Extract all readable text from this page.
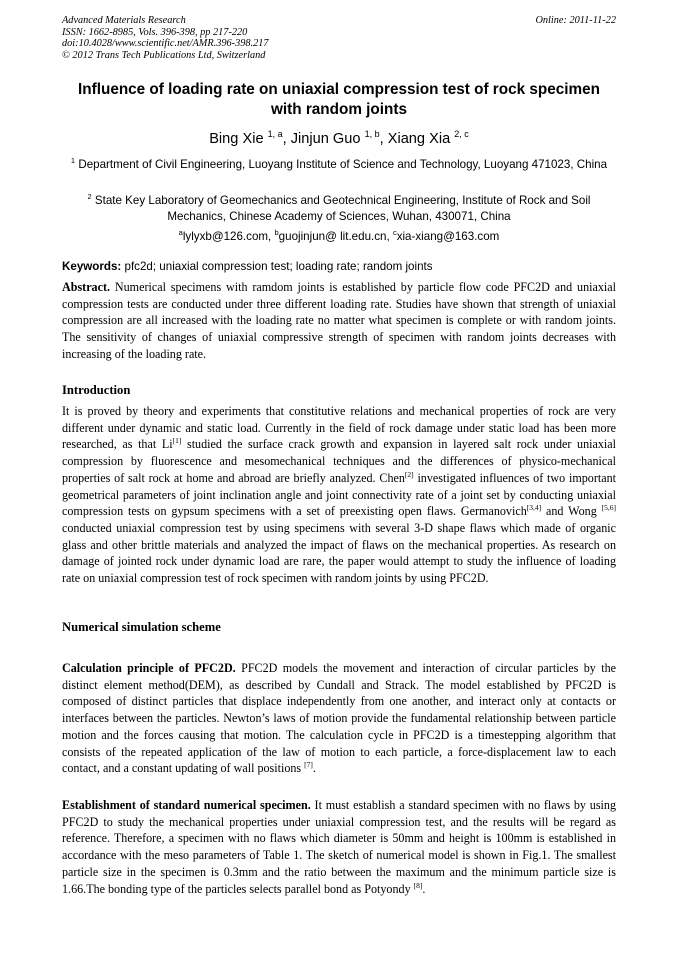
Advanced Materials Research
ISSN: 1662-8985, Vols. 396-398, pp 217-220
doi:10.4028/www.scientific.net/AMR.396-398.217
© 2012 Trans Tech Publications Ltd, Switzerland
Online: 2011-11-22
Influence of loading rate on uniaxial compression test of rock specimen with random joints
Bing Xie $^{1, a}$, Jinjun Guo $^{1, b}$, Xiang Xia $^{2, c}$
$^1$ Department of Civil Engineering, Luoyang Institute of Science and Technology, Luoyang 471023, China
$^2$ State Key Laboratory of Geomechanics and Geotechnical Engineering, Institute of Rock and Soil Mechanics, Chinese Academy of Sciences, Wuhan, 430071, China
$^a$lylyxb@126.com, $^b$guojinjun@ lit.edu.cn, $^c$xia-xiang@163.com
Keywords: pfc2d; uniaxial compression test; loading rate; random joints
Abstract. Numerical specimens with ramdom joints is established by particle flow code PFC2D and uniaxial compression tests are conducted under three different loading rate. Studies have shown that strength of uniaxial compression are all increased with the loading rate no matter what specimen is complete or with random joints. The sensitivity of changes of uniaxial compressive strength of specimen with random joints decreases with increasing of the loading rate.
Introduction
It is proved by theory and experiments that constitutive relations and mechanical properties of rock are very different under dynamic and static load. Currently in the field of rock damage under static load has been more researched, as that Li[1] studied the surface crack growth and expansion in layered salt rock under uniaxial compression by fluorescence and mesomechanical techniques and the differences of physico-mechanical properties of salt rock at home and abroad are briefly analyzed. Chen[2] investigated influences of two important geometrical parameters of joint inclination angle and joint connectivity rate of a joint set by conducting uniaxial compression tests on gypsum specimens with a set of preexisting open flaws. Germanovich[3,4] and Wong [5,6] conducted uniaxial compression test by using specimens with several 3-D shape flaws which made of organic glass and other brittle materials and analyzed the impact of flaws on the mechanical properties. As research on damage of jointed rock under dynamic load are rare, the paper would attempt to study the influence of loading rate on uniaxial compression test of rock specimen with random joints by using PFC2D.
Numerical simulation scheme
Calculation principle of PFC2D. PFC2D models the movement and interaction of circular particles by the distinct element method(DEM), as described by Cundall and Strack. The model established by PFC2D is composed of distinct particles that displace independently from one another, and interact only at contacts or interfaces between the particles. Newton’s laws of motion provide the fundamental relationship between particle motion and the forces causing that motion. The calculation cycle in PFC2D is a timestepping algorithm that consists of the repeated application of the law of motion to each particle, a force-displacement law to each contact, and a constant updating of wall positions [7].
Establishment of standard numerical specimen. It must establish a standard specimen with no flaws by using PFC2D to study the mechanical properties under uniaxial compression test, and the results will be regard as reference. Therefore, a specimen with no flaws which diameter is 50mm and height is 100mm is established in accordance with the meso parameters of Table 1. The sketch of numerical model is shown in Fig.1. The smallest particle size in the specimen is 0.3mm and the ratio between the maximum and the minimum particle size is 1.66.The bonding type of the particles selects parallel bond as Potyondy [8].
